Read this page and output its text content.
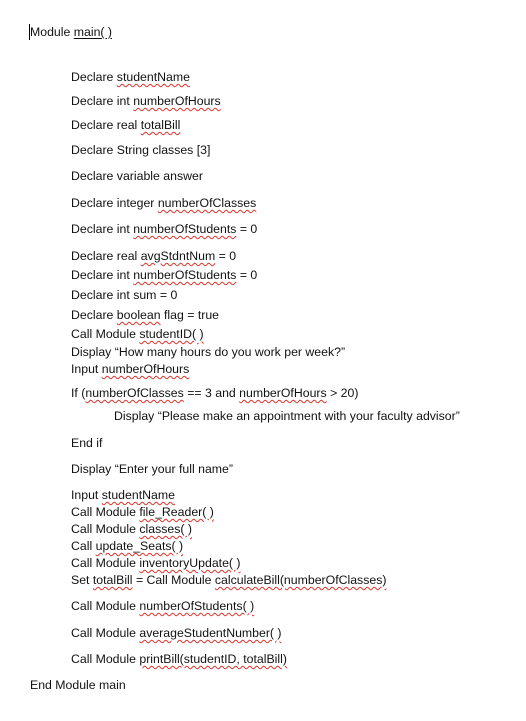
Module main( )
Declare studentName
Declare int numberOfHours
Declare real totalBill
Declare String classes [3]
Declare variable answer
Declare integer numberOfClasses
Declare int numberOfStudents = 0
Declare real avgStdntNum = 0
Declare int numberOfStudents = 0
Declare int sum = 0
Declare boolean flag = true
Call Module studentID( )
Display “How many hours do you work per week?”
Input numberOfHours
If (numberOfClasses == 3 and numberOfHours > 20)
Display “Please make an appointment with your faculty advisor”
End if
Display “Enter your full name”
Input studentName
Call Module file_Reader( )
Call Module classes( )
Call update_Seats( )
Call Module inventoryUpdate( )
Set totalBill = Call Module calculateBill(numberOfClasses)
Call Module numberOfStudents( )
Call Module averageStudentNumber( )
Call Module printBill(studentID, totalBill)
End Module main
